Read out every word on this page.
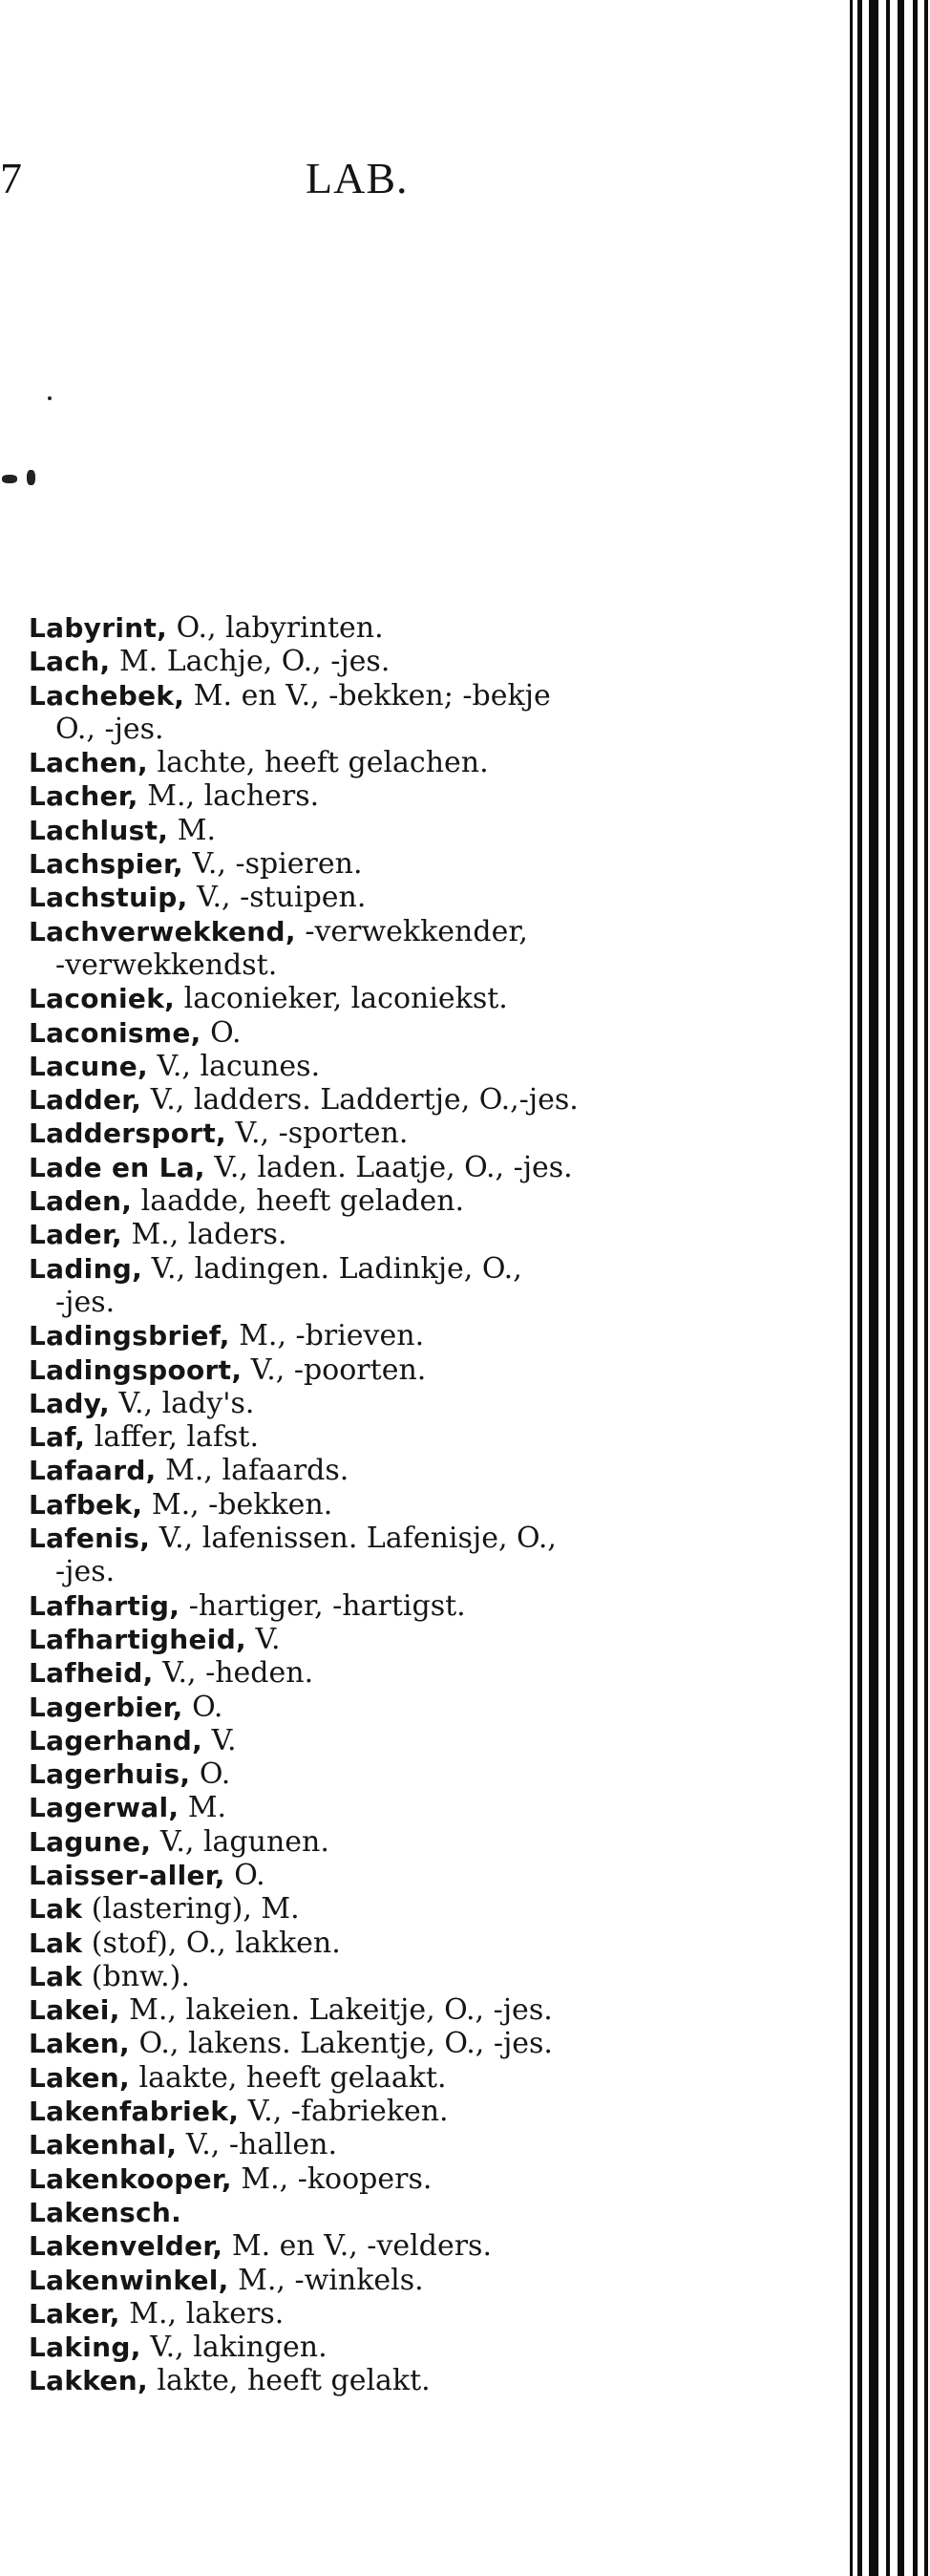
7	LAB.
Labyrint, O., labyrinten.
Lach, M. Lachje, O., -jes.
Lachebek, M. en V., -bekken; -bekje
O., -jes.
Lachen, lachte, heeft gelachen.
Lacher, M., lachers.
Lachlust, M.
Lachspier, V., -spieren.
Lachstuip, V., -stuipen.
Lachverwekkend, -verwekkender,
-verwekkendst.
Laconiek, laconieker, laconiekst.
Laconisme, O.
Lacune, V., lacunes.
Ladder, V., ladders. Laddertje, O.,-jes.
Laddersport, V., -sporten.
Lade en La, V., laden. Laatje, O., -jes.
Laden, laadde, heeft geladen.
Lader, M., laders.
Lading, V., ladingen. Ladinkje, O.,
-jes.
Ladingsbrief, M., -brieven.
Ladingspoort, V., -poorten.
Lady, V., lady's.
Laf, laffer, lafst.
Lafaard, M., lafaards.
Lafbek, M., -bekken.
Lafenis, V., lafenissen. Lafenisje, O.,
-jes.
Lafhartig, -hartiger, -hartigst.
Lafhartigheid, V.
Lafheid, V., -heden.
Lagerbier, O.
Lagerhand, V.
Lagerhuis, O.
Lagerwal, M.
Lagune, V., lagunen.
Laisser-aller, O.
Lak (lastering), M.
Lak (stof), O., lakken.
Lak (bnw.).
Lakei, M., lakeien. Lakeitje, O., -jes.
Laken, O., lakens. Lakentje, O., -jes.
Laken, laakte, heeft gelaakt.
Lakenfabriek, V., -fabrieken.
Lakenhal, V., -hallen.
Lakenkooper, M., -koopers.
Lakensch.
Lakenvelder, M. en V., -velders.
Lakenwinkel, M., -winkels.
Laker, M., lakers.
Laking, V., lakingen.
Lakken, lakte, heeft gelakt.
